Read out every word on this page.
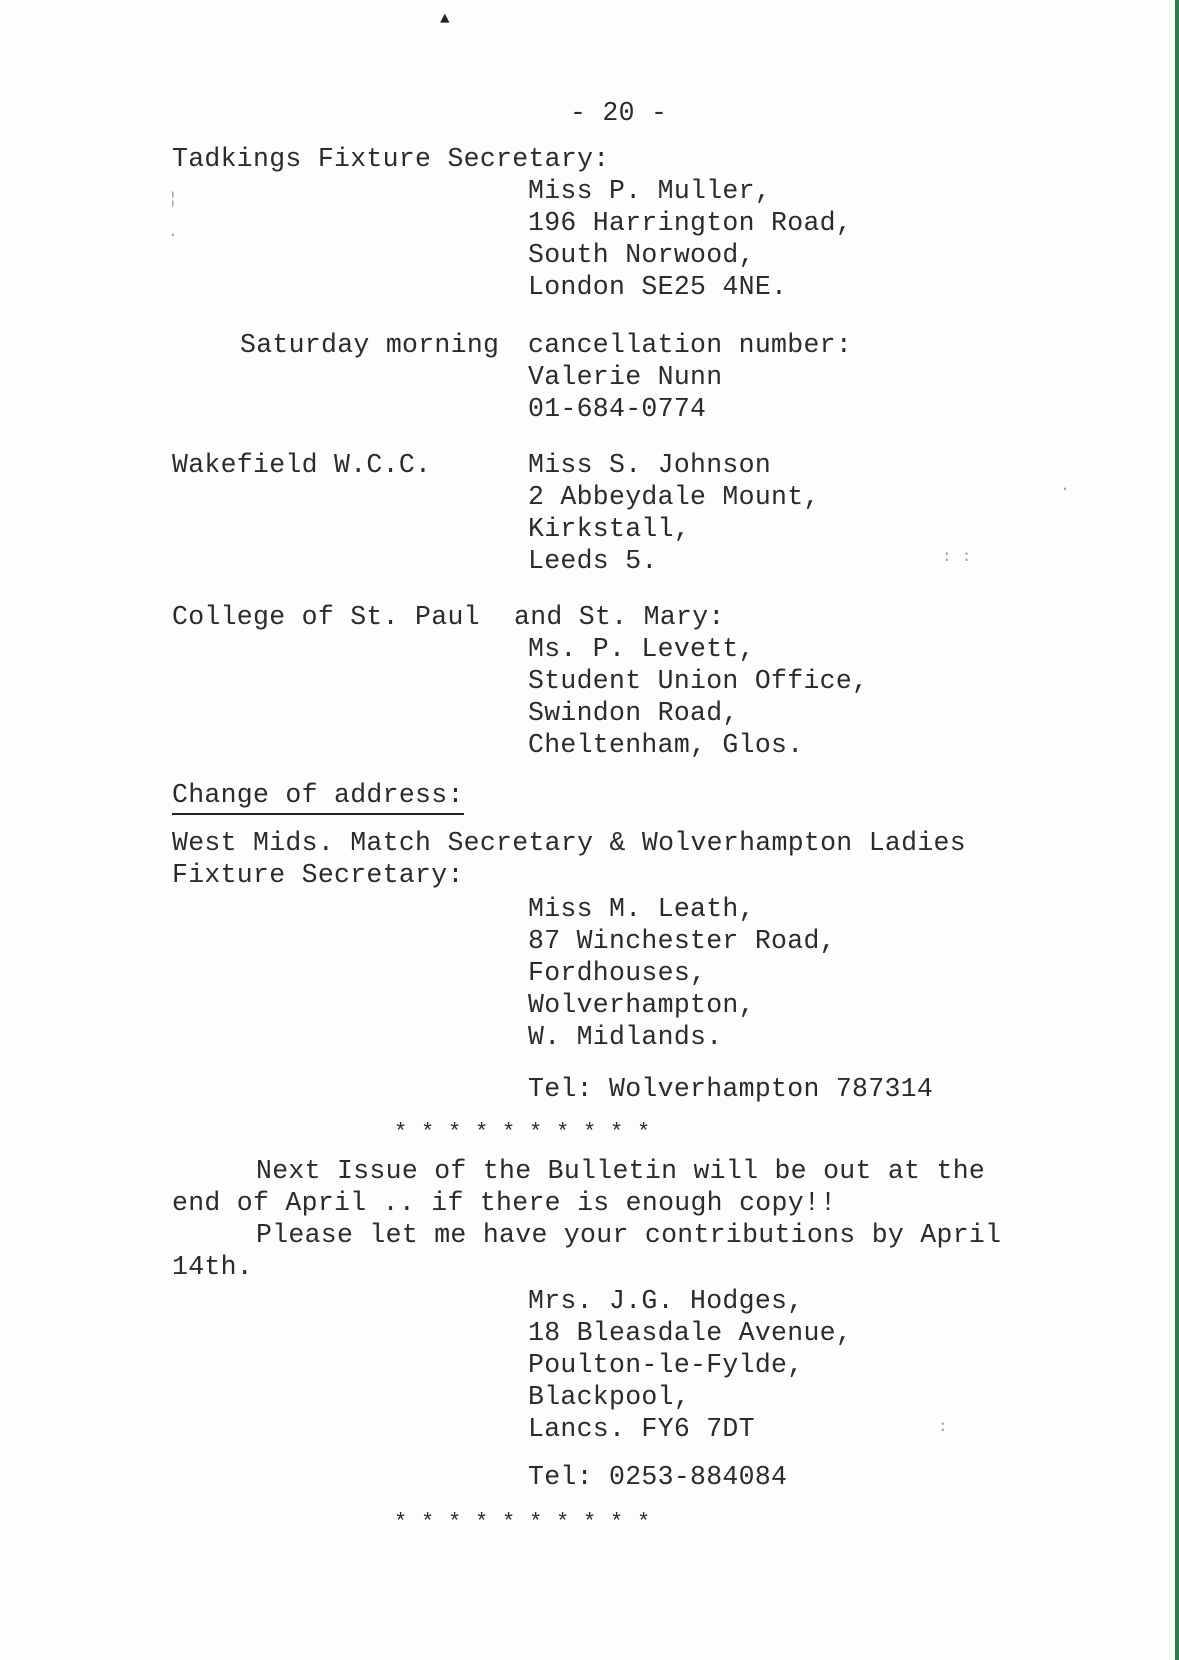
▲
- 20 -
Tadkings Fixture Secretary:
Miss P. Muller,
196 Harrington Road,
South Norwood,
London SE25 4NE.
Saturday morning cancellation number:
Valerie Nunn
01-684-0774
Wakefield W.C.C.	Miss S. Johnson
2 Abbeydale Mount,
Kirkstall,
Leeds 5.
College of St. Paul and St. Mary:
Ms. P. Levett,
Student Union Office,
Swindon Road,
Cheltenham, Glos.
Change of address:
West Mids. Match Secretary & Wolverhampton Ladies
Fixture Secretary:
Miss M. Leath,
87 Winchester Road,
Fordhouses,
Wolverhampton,
W. Midlands.
Tel: Wolverhampton 787314
* * * * * * * * * *
Next Issue of the Bulletin will be out at the
end of April .. if there is enough copy!!
Please let me have your contributions by April
14th.
Mrs. J.G. Hodges,
18 Bleasdale Avenue,
Poulton-le-Fylde,
Blackpool,
Lancs. FY6 7DT
Tel: 0253-884084
* * * * * * * * * *
¦
·
: :
·
:
